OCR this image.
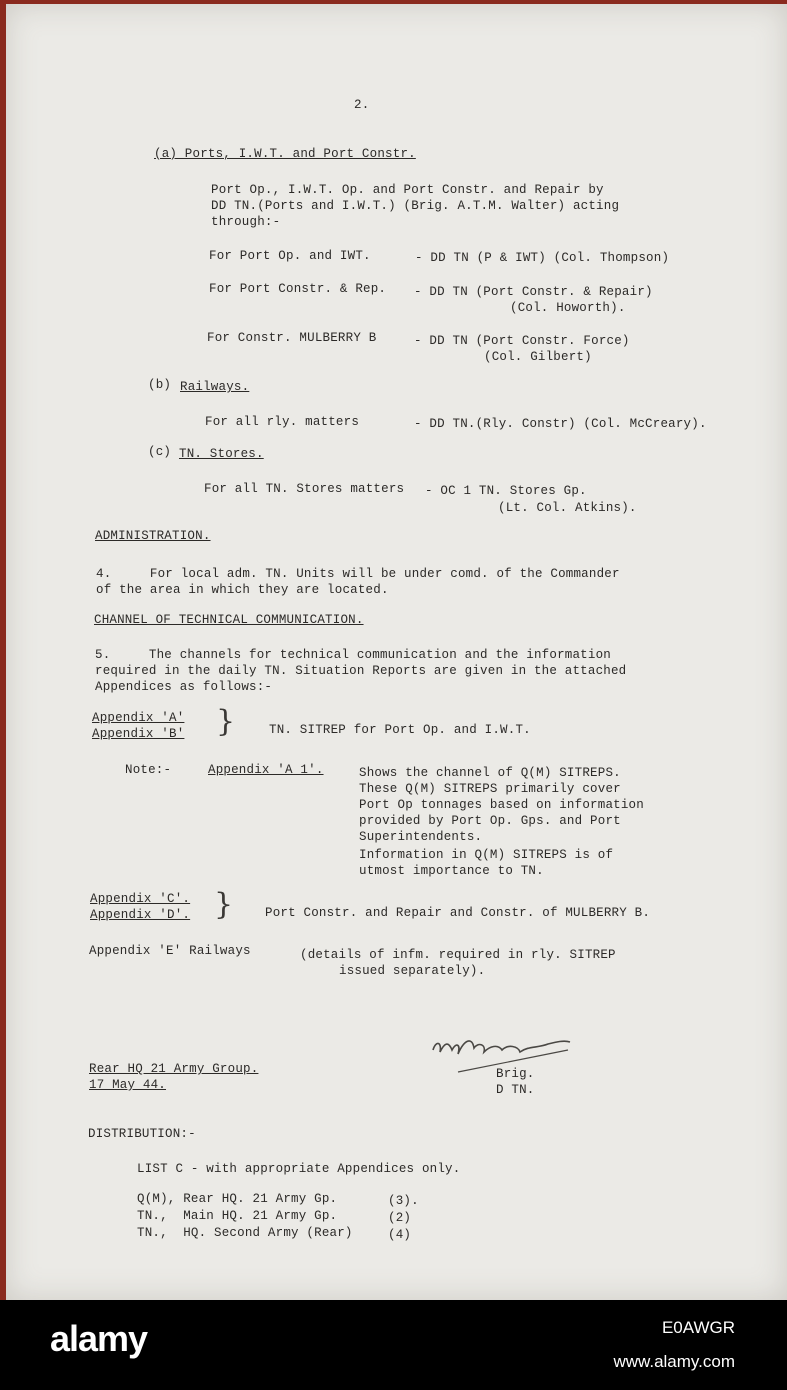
2.
(a) Ports, I.W.T. and Port Constr.
Port Op., I.W.T. Op. and Port Constr. and Repair by
DD TN.(Ports and I.W.T.) (Brig. A.T.M. Walter) acting
through:-
For Port Op. and IWT.	- DD TN (P & IWT) (Col. Thompson)
For Port Constr. & Rep. - DD TN (Port Constr. & Repair)
(Col. Howorth).
For Constr. MULBERRY B	- DD TN (Port Constr. Force)
(Col. Gilbert)
(b) Railways.
For all rly. matters	- DD TN.(Rly. Constr) (Col. McCreary).
(c) TN. Stores.
For all TN. Stores matters - OC 1 TN. Stores Gp.
(Lt. Col. Atkins).
ADMINISTRATION.
4.     For local adm. TN. Units will be under comd. of the Commander
of the area in which they are located.
CHANNEL OF TECHNICAL COMMUNICATION.
5.     The channels for technical communication and the information
required in the daily TN. Situation Reports are given in the attached
Appendices as follows:-
Appendix 'A'
Appendix 'B' }	TN. SITREP for Port Op. and I.W.T.
Note:-	Appendix 'A 1'.	Shows the channel of Q(M) SITREPS.
These Q(M) SITREPS primarily cover
Port Op tonnages based on information
provided by Port Op. Gps. and Port
Superintendents.
Information in Q(M) SITREPS is of
utmost importance to TN.
Appendix 'C'.
Appendix 'D'. }	Port Constr. and Repair and Constr. of MULBERRY B.
Appendix 'E' Railways	(details of infm. required in rly. SITREP
issued separately).
Brig.
D TN.
Rear HQ 21 Army Group.
17 May 44.
DISTRIBUTION:-
LIST C - with appropriate Appendices only.
Q(M), Rear HQ. 21 Army Gp.	(3).
TN.,  Main HQ. 21 Army Gp.	(2)
TN.,  HQ. Second Army (Rear)	(4)
alamy	E0AWGR
www.alamy.com
